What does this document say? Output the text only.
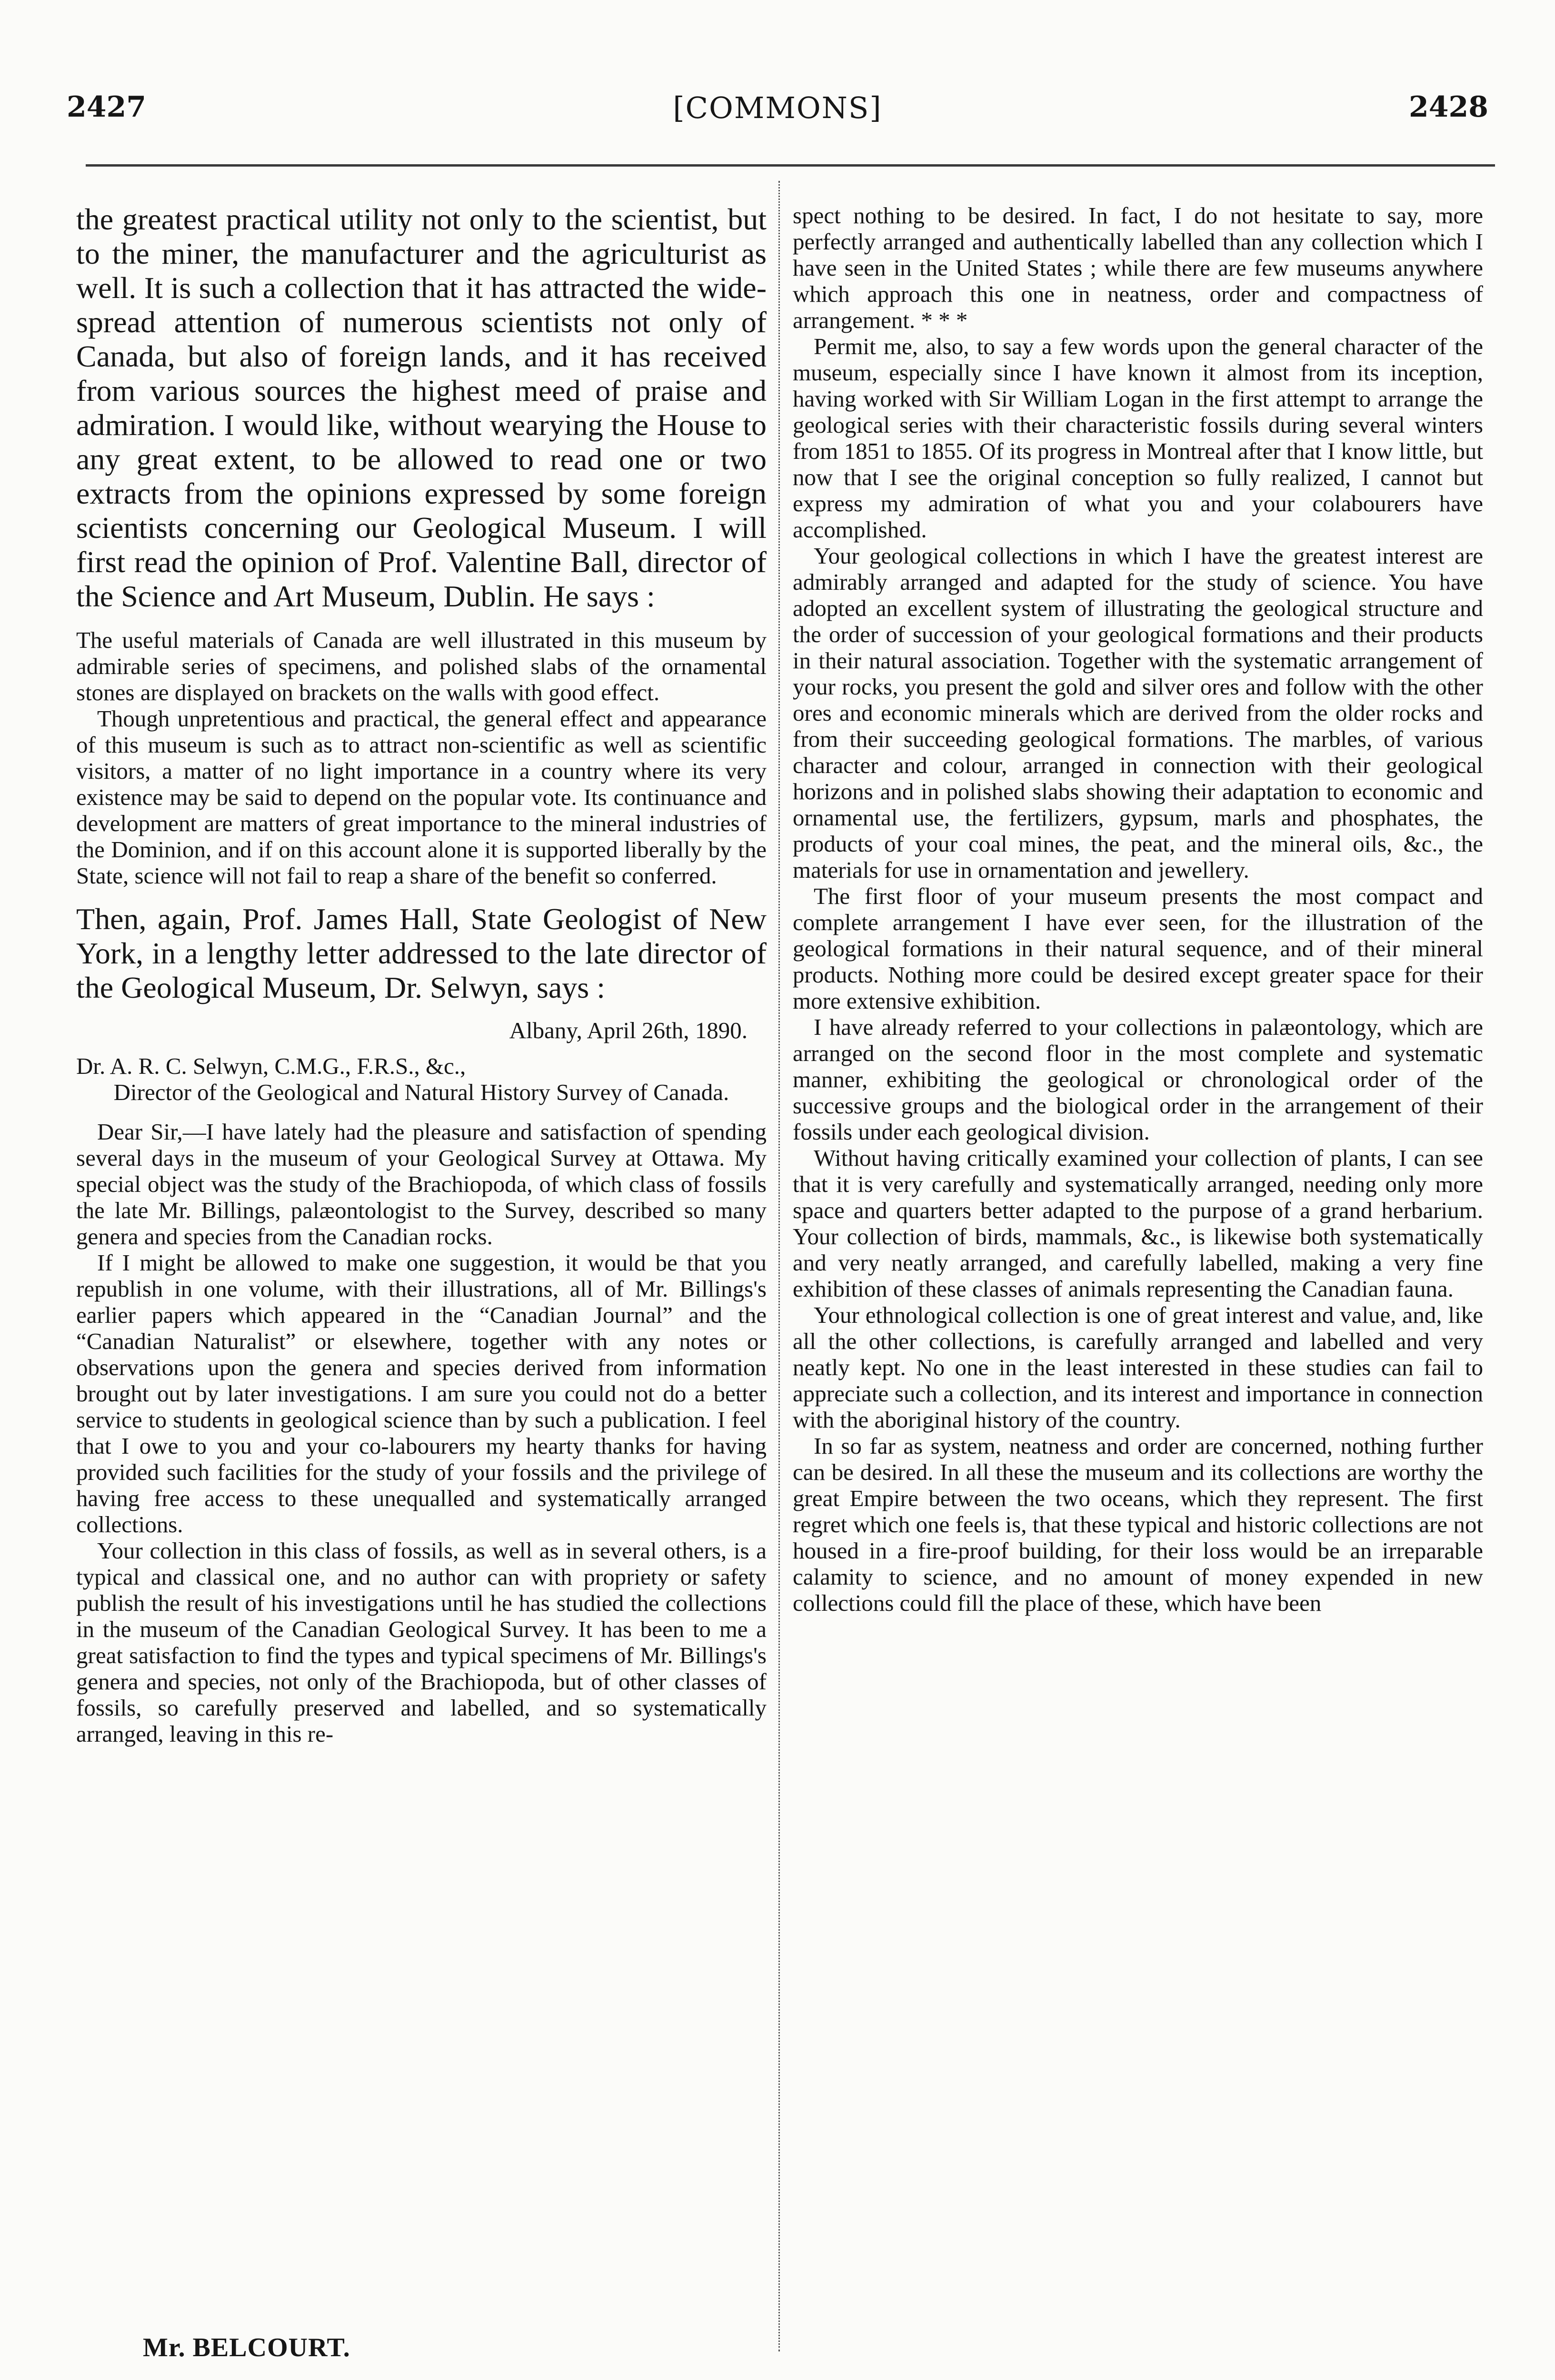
2427	[COMMONS]	2428

the greatest practical utility not only to the scientist, but to the miner, the manufacturer and the agriculturist as well. It is such a collection that it has attracted the wide-spread attention of numerous scientists not only of Canada, but also of foreign lands, and it has received from various sources the highest meed of praise and admiration. I would like, without wearying the House to any great extent, to be allowed to read one or two extracts from the opinions expressed by some foreign scientists concerning our Geological Museum. I will first read the opinion of Prof. Valentine Ball, director of the Science and Art Museum, Dublin. He says :

The useful materials of Canada are well illustrated in this museum by admirable series of specimens, and polished slabs of the ornamental stones are displayed on brackets on the walls with good effect.

Though unpretentious and practical, the general effect and appearance of this museum is such as to attract non-scientific as well as scientific visitors, a matter of no light importance in a country where its very existence may be said to depend on the popular vote. Its continuance and development are matters of great importance to the mineral industries of the Dominion, and if on this account alone it is supported liberally by the State, science will not fail to reap a share of the benefit so conferred.

Then, again, Prof. James Hall, State Geologist of New York, in a lengthy letter addressed to the late director of the Geological Museum, Dr. Selwyn, says :

Albany, April 26th, 1890.

Dr. A. R. C. Selwyn, C.M.G., F.R.S., &c.,

Director of the Geological and Natural History Survey of Canada.

Dear Sir,—I have lately had the pleasure and satisfaction of spending several days in the museum of your Geological Survey at Ottawa. My special object was the study of the Brachiopoda, of which class of fossils the late Mr. Billings, palæontologist to the Survey, described so many genera and species from the Canadian rocks.

If I might be allowed to make one suggestion, it would be that you republish in one volume, with their illustrations, all of Mr. Billings's earlier papers which appeared in the “Canadian Journal” and the “Canadian Naturalist” or elsewhere, together with any notes or observations upon the genera and species derived from information brought out by later investigations. I am sure you could not do a better service to students in geological science than by such a publication. I feel that I owe to you and your co-labourers my hearty thanks for having provided such facilities for the study of your fossils and the privilege of having free access to these unequalled and systematically arranged collections.

Your collection in this class of fossils, as well as in several others, is a typical and classical one, and no author can with propriety or safety publish the result of his investigations until he has studied the collections in the museum of the Canadian Geological Survey. It has been to me a great satisfaction to find the types and typical specimens of Mr. Billings's genera and species, not only of the Brachiopoda, but of other classes of fossils, so carefully preserved and labelled, and so systematically arranged, leaving in this re-

spect nothing to be desired. In fact, I do not hesitate to say, more perfectly arranged and authentically labelled than any collection which I have seen in the United States ; while there are few museums anywhere which approach this one in neatness, order and compactness of arrangement. * * *

Permit me, also, to say a few words upon the general character of the museum, especially since I have known it almost from its inception, having worked with Sir William Logan in the first attempt to arrange the geological series with their characteristic fossils during several winters from 1851 to 1855. Of its progress in Montreal after that I know little, but now that I see the original conception so fully realized, I cannot but express my admiration of what you and your colabourers have accomplished.

Your geological collections in which I have the greatest interest are admirably arranged and adapted for the study of science. You have adopted an excellent system of illustrating the geological structure and the order of succession of your geological formations and their products in their natural association. Together with the systematic arrangement of your rocks, you present the gold and silver ores and follow with the other ores and economic minerals which are derived from the older rocks and from their succeeding geological formations. The marbles, of various character and colour, arranged in connection with their geological horizons and in polished slabs showing their adaptation to economic and ornamental use, the fertilizers, gypsum, marls and phosphates, the products of your coal mines, the peat, and the mineral oils, &c., the materials for use in ornamentation and jewellery.

The first floor of your museum presents the most compact and complete arrangement I have ever seen, for the illustration of the geological formations in their natural sequence, and of their mineral products. Nothing more could be desired except greater space for their more extensive exhibition.

I have already referred to your collections in palæontology, which are arranged on the second floor in the most complete and systematic manner, exhibiting the geological or chronological order of the successive groups and the biological order in the arrangement of their fossils under each geological division.

Without having critically examined your collection of plants, I can see that it is very carefully and systematically arranged, needing only more space and quarters better adapted to the purpose of a grand herbarium. Your collection of birds, mammals, &c., is likewise both systematically and very neatly arranged, and carefully labelled, making a very fine exhibition of these classes of animals representing the Canadian fauna.

Your ethnological collection is one of great interest and value, and, like all the other collections, is carefully arranged and labelled and very neatly kept. No one in the least interested in these studies can fail to appreciate such a collection, and its interest and importance in connection with the aboriginal history of the country.

In so far as system, neatness and order are concerned, nothing further can be desired. In all these the museum and its collections are worthy the great Empire between the two oceans, which they represent. The first regret which one feels is, that these typical and historic collections are not housed in a fire-proof building, for their loss would be an irreparable calamity to science, and no amount of money expended in new collections could fill the place of these, which have been

Mr. BELCOURT.
